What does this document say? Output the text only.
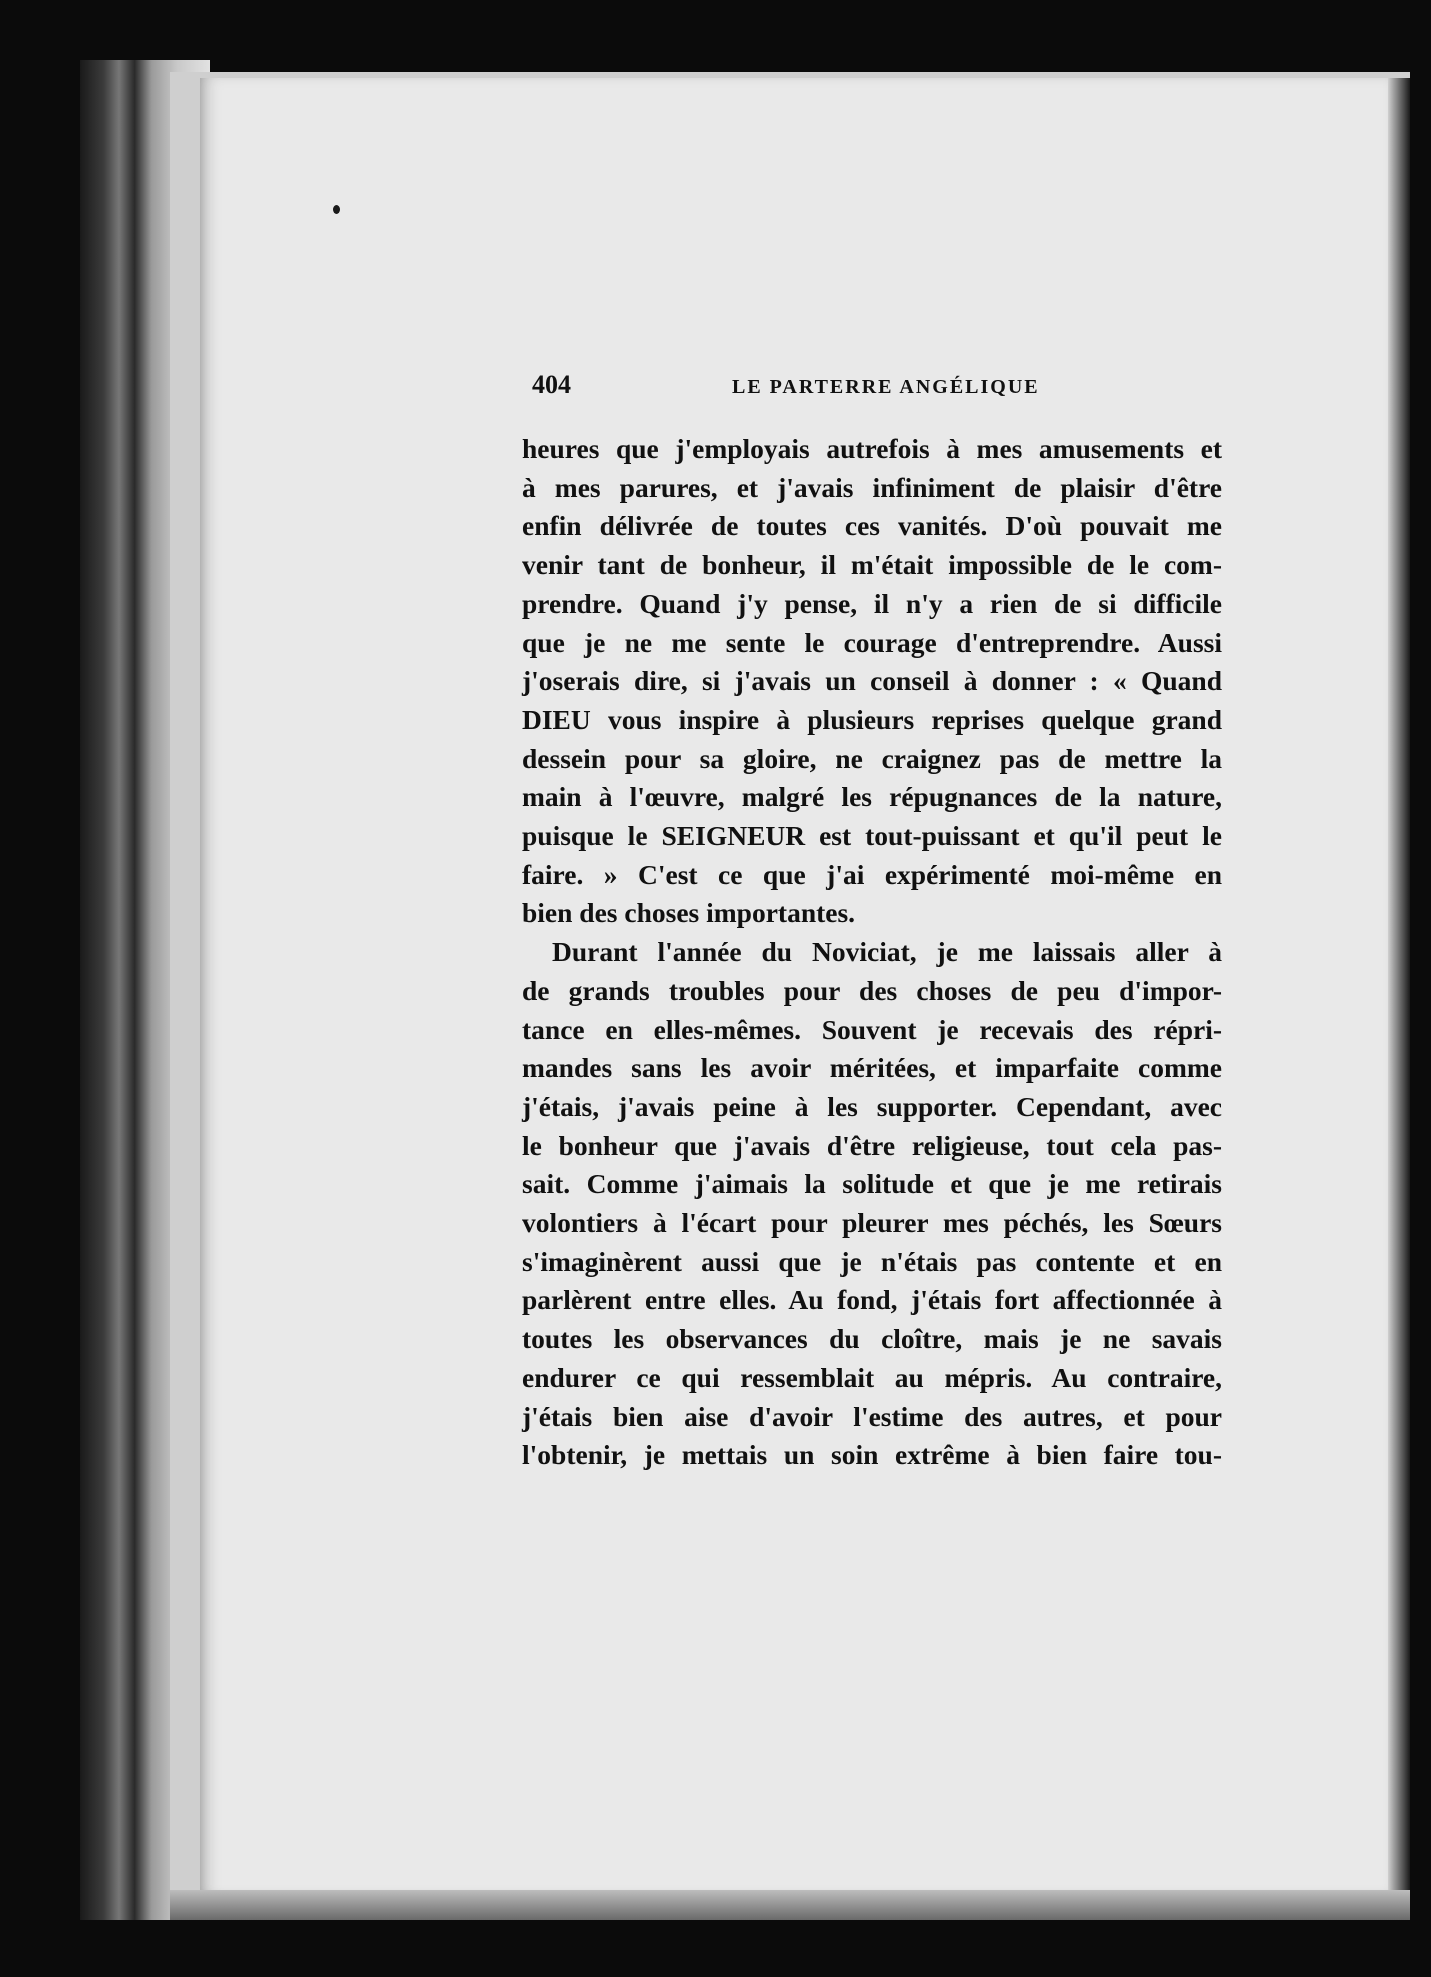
404	LE PARTERRE ANGÉLIQUE
heures que j'employais autrefois à mes amusements et
à mes parures, et j'avais infiniment de plaisir d'être
enfin délivrée de toutes ces vanités. D'où pouvait me
venir tant de bonheur, il m'était impossible de le com-
prendre. Quand j'y pense, il n'y a rien de si difficile
que je ne me sente le courage d'entreprendre. Aussi
j'oserais dire, si j'avais un conseil à donner : « Quand
DIEU vous inspire à plusieurs reprises quelque grand
dessein pour sa gloire, ne craignez pas de mettre la
main à l'œuvre, malgré les répugnances de la nature,
puisque le SEIGNEUR est tout-puissant et qu'il peut le
faire. » C'est ce que j'ai expérimenté moi-même en
bien des choses importantes.
Durant l'année du Noviciat, je me laissais aller à
de grands troubles pour des choses de peu d'impor-
tance en elles-mêmes. Souvent je recevais des répri-
mandes sans les avoir méritées, et imparfaite comme
j'étais, j'avais peine à les supporter. Cependant, avec
le bonheur que j'avais d'être religieuse, tout cela pas-
sait. Comme j'aimais la solitude et que je me retirais
volontiers à l'écart pour pleurer mes péchés, les Sœurs
s'imaginèrent aussi que je n'étais pas contente et en
parlèrent entre elles. Au fond, j'étais fort affectionnée à
toutes les observances du cloître, mais je ne savais
endurer ce qui ressemblait au mépris. Au contraire,
j'étais bien aise d'avoir l'estime des autres, et pour
l'obtenir, je mettais un soin extrême à bien faire tou-
